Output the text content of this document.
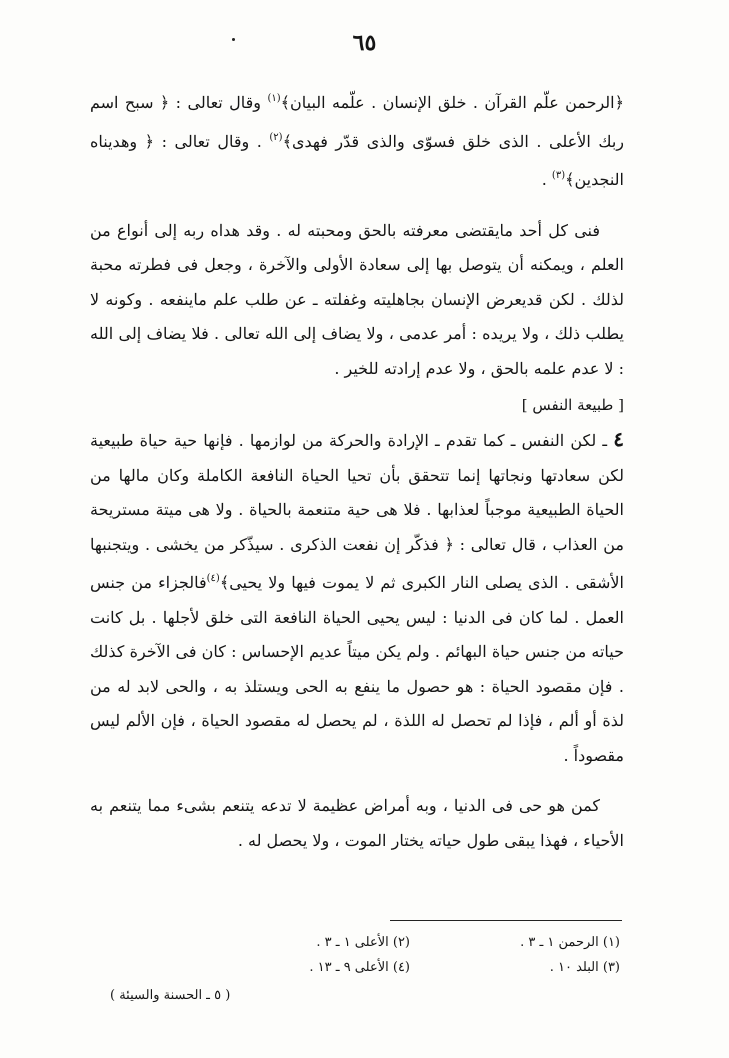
٦٥

﴿الرحمن علّم القرآن . خلق الإنسان . علّمه البيان﴾$^{(١)}$ وقال تعالى : ﴿ سبح اسم ربك الأعلى . الذى خلق فسوّى والذى قدّر فهدى﴾$^{(٢)}$ . وقال تعالى : ﴿ وهديناه النجدين﴾$^{(٣)}$ .

فنى كل أحد مايقتضى معرفته بالحق ومحبته له . وقد هداه ربه إلى أنواع من العلم ، ويمكنه أن يتوصل بها إلى سعادة الأولى والآخرة ، وجعل فى فطرته محبة لذلك . لكن قديعرض الإنسان بجاهليته وغفلته ـ عن طلب علم ماينفعه . وكونه لا يطلب ذلك ، ولا يريده : أمر عدمى ، ولا يضاف إلى الله تعالى . فلا يضاف إلى الله : لا عدم علمه بالحق ، ولا عدم إرادته للخير .

[ طبيعة النفس ]

٤ ـ لكن النفس ـ كما تقدم ـ الإرادة والحركة من لوازمها . فإنها حية حياة طبيعية لكن سعادتها ونجاتها إنما تتحقق بأن تحيا الحياة النافعة الكاملة وكان مالها من الحياة الطبيعية موجباً لعذابها . فلا هى حية متنعمة بالحياة . ولا هى ميتة مستريحة من العذاب ، قال تعالى : ﴿ فذكّر إن نفعت الذكرى . سيذّكر من يخشى . ويتجنبها الأشقى . الذى يصلى النار الكبرى ثم لا يموت فيها ولا يحيى﴾$^{(٤)}$فالجزاء من جنس العمل . لما كان فى الدنيا : ليس يحيى الحياة النافعة التى خلق لأجلها . بل كانت حياته من جنس حياة البهائم . ولم يكن ميتاً عديم الإحساس : كان فى الآخرة كذلك . فإن مقصود الحياة : هو حصول ما ينفع به الحى ويستلذ به ، والحى لابد له من لذة أو ألم ، فإذا لم تحصل له اللذة ، لم يحصل له مقصود الحياة ، فإن الألم ليس مقصوداً .

كمن هو حى فى الدنيا ، وبه أمراض عظيمة لا تدعه يتنعم بشىء مما يتنعم به الأحياء ، فهذا يبقى طول حياته يختار الموت ، ولا يحصل له .

(١) الرحمن ١ ـ ٣ .
(٢) الأعلى ١ ـ ٣ .
(٣) البلد ١٠ .
(٤) الأعلى ٩ ـ ١٣ .
( ٥ ـ الحسنة والسيئة )
